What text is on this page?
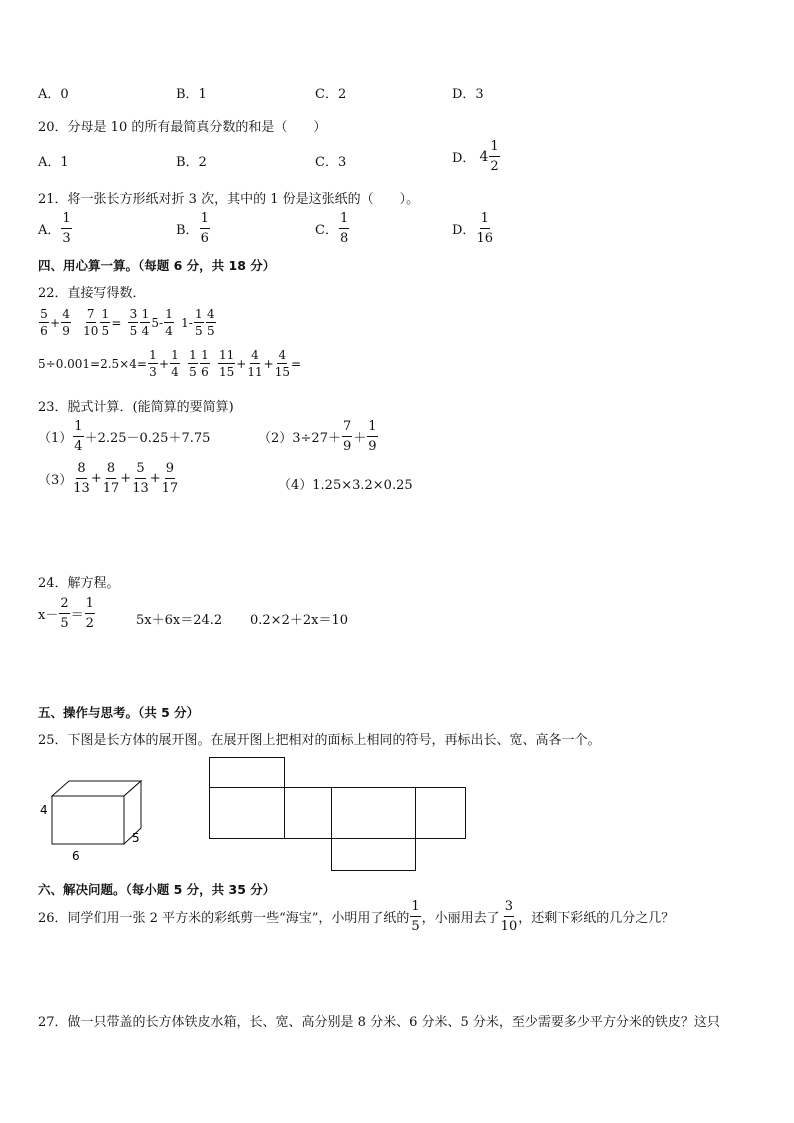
A．0	B．1	C．2	D．3
20．分母是 10 的所有最简真分数的和是（　　）
A．1	B．2	C．3	D． $4 \frac{1}{2}$
21．将一张长方形纸对折 3 次，其中的 1 份是这张纸的（　　）。
A． $\frac{1}{3}$	B． $\frac{1}{6}$	C． $\frac{1}{8}$	D． $\frac{1}{16}$
四、用心算一算。（每题 6 分，共 18 分）
22．直接写得数．
$\frac{5}{6} + \frac{4}{9} \frac{7}{10} \frac{1}{5} = \frac{3}{5} \frac{1}{4} 5- \frac{1}{4} 1- \frac{1}{5} \frac{4}{5}$
$5\div 0.001=2.5\times 4= \frac{1}{3} + \frac{1}{4} \frac{1}{5} \frac{1}{6} \frac{11}{15} + \frac{4}{11} + \frac{4}{15}$ =
23．脱式计算．(能简算的要简算)
$(1) \frac{1}{4} +2.25-0.25+7.75$	$(2)3\div 27+ \frac{7}{9} + \frac{1}{9}$
$(3) \frac{8}{13} + \frac{8}{17} + \frac{5}{13} + \frac{9}{17}$	（4）1.25×3.2×0.25
24．解方程。
$x- \frac{2}{5} = \frac{1}{2}$	5x＋6x＝24.2 0.2×2＋2x＝10
五、操作与思考。（共 5 分）
25．下图是长方体的展开图。在展开图上把相对的面标上相同的符号，再标出长、宽、高各一个。
4
5
6
六、解决问题。（每小题 5 分，共 35 分）
26．同学们用一张 2 平方米的彩纸剪一些“海宝”，小明用了纸的 $\frac{1}{5}$ ，小丽用去了 $\frac{3}{10}$ ，还剩下彩纸的几分之几？
27．做一只带盖的长方体铁皮水箱，长、宽、高分别是 8 分米、6 分米、5 分米，至少需要多少平方分米的铁皮？这只
